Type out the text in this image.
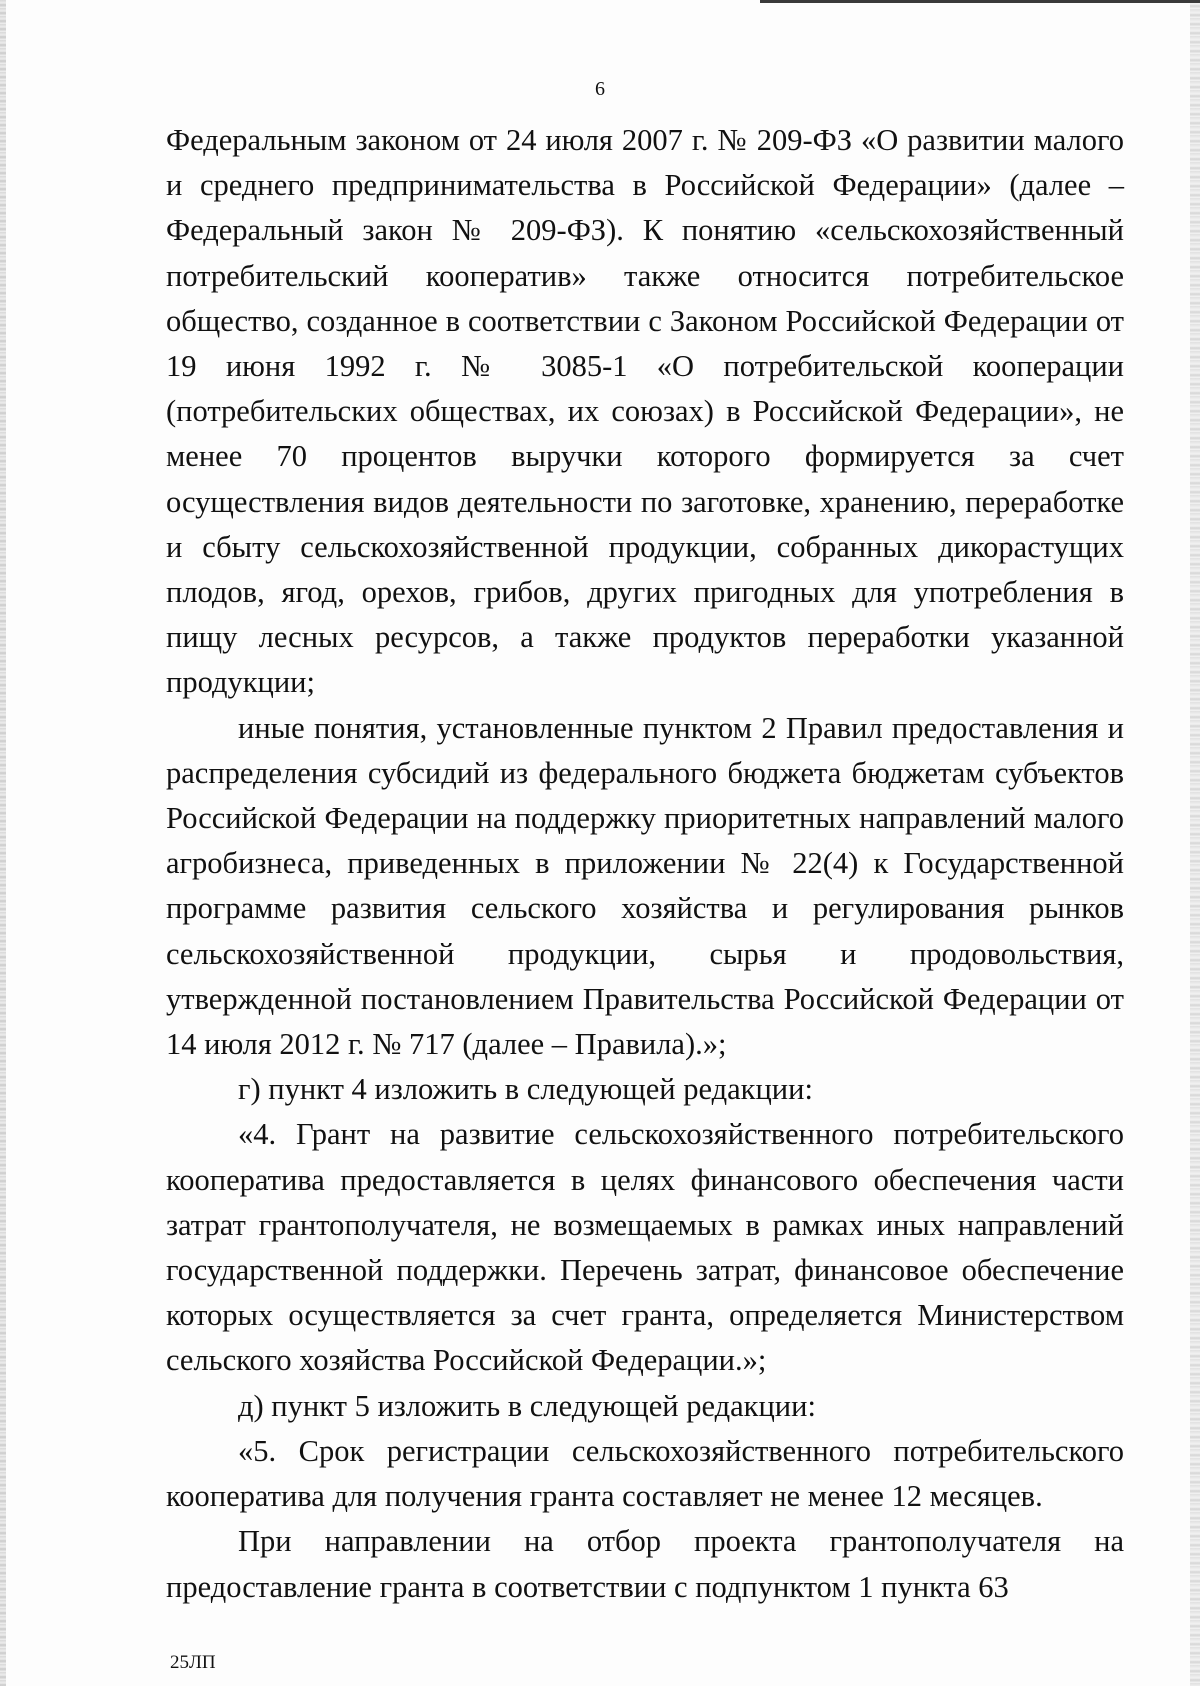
6

Федеральным законом от 24 июля 2007 г. № 209-ФЗ «О развитии малого и среднего предпринимательства в Российской Федерации» (далее – Федеральный закон № 209-ФЗ). К понятию «сельскохозяйственный потребительский кооператив» также относится потребительское общество, созданное в соответствии с Законом Российской Федерации от 19 июня 1992 г. № 3085-1 «О потребительской кооперации (потребительских обществах, их союзах) в Российской Федерации», не менее 70 процентов выручки которого формируется за счет осуществления видов деятельности по заготовке, хранению, переработке и сбыту сельскохозяйственной продукции, собранных дикорастущих плодов, ягод, орехов, грибов, других пригодных для употребления в пищу лесных ресурсов, а также продуктов переработки указанной продукции;

иные понятия, установленные пунктом 2 Правил предоставления и распределения субсидий из федерального бюджета бюджетам субъектов Российской Федерации на поддержку приоритетных направлений малого агробизнеса, приведенных в приложении № 22(4) к Государственной программе развития сельского хозяйства и регулирования рынков сельскохозяйственной продукции, сырья и продовольствия, утвержденной постановлением Правительства Российской Федерации от 14 июля 2012 г. № 717 (далее – Правила).»;

г) пункт 4 изложить в следующей редакции:

«4. Грант на развитие сельскохозяйственного потребительского кооператива предоставляется в целях финансового обеспечения части затрат грантополучателя, не возмещаемых в рамках иных направлений государственной поддержки. Перечень затрат, финансовое обеспечение которых осуществляется за счет гранта, определяется Министерством сельского хозяйства Российской Федерации.»;

д) пункт 5 изложить в следующей редакции:

«5. Срок регистрации сельскохозяйственного потребительского кооператива для получения гранта составляет не менее 12 месяцев.

При направлении на отбор проекта грантополучателя на предоставление гранта в соответствии с подпунктом 1 пункта 63

25ЛП
